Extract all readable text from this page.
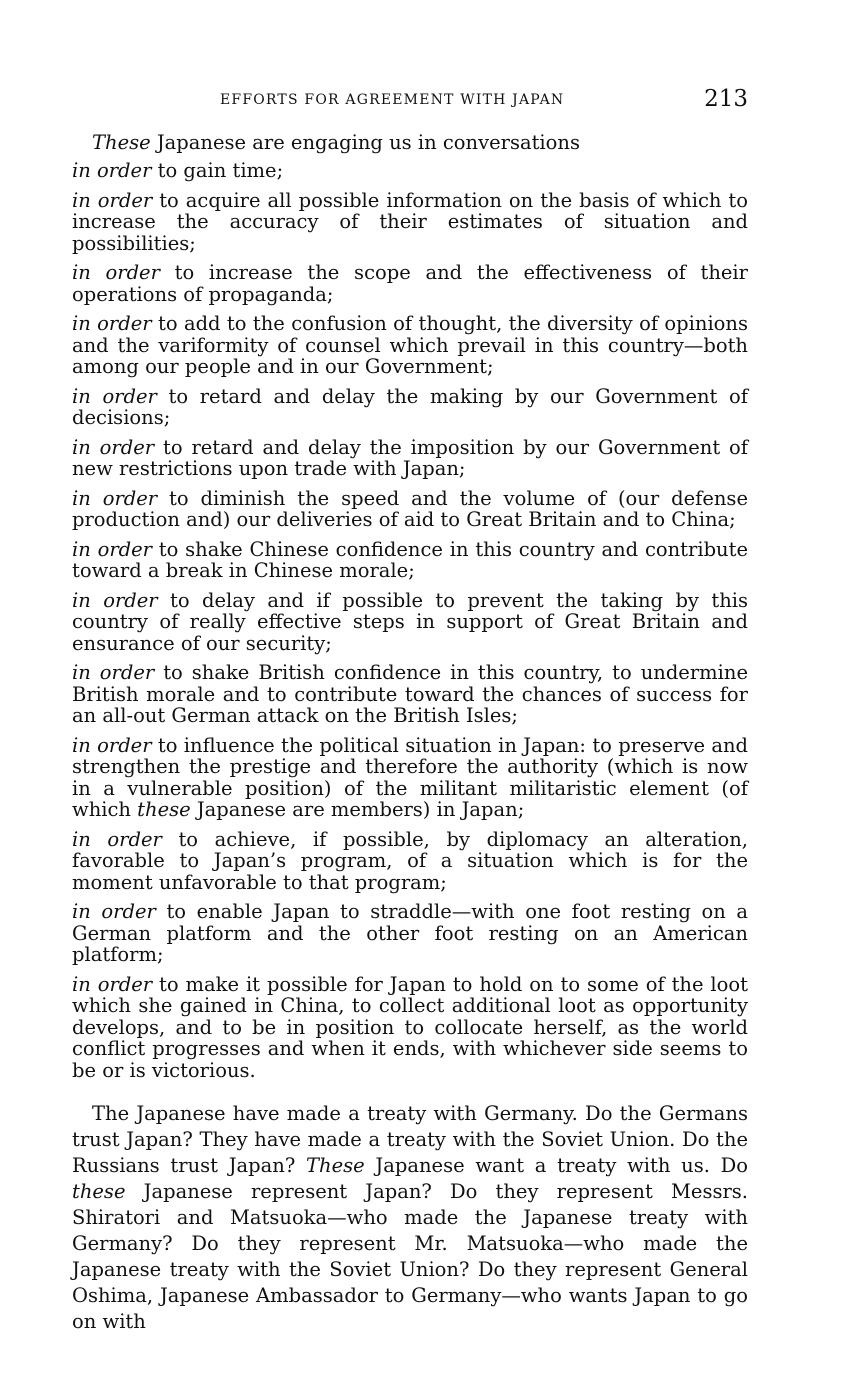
EFFORTS FOR AGREEMENT WITH JAPAN	213

These Japanese are engaging us in conversations

in order to gain time;
in order to acquire all possible information on the basis of which to increase the accuracy of their estimates of situation and possibilities;
in order to increase the scope and the effectiveness of their operations of propaganda;
in order to add to the confusion of thought, the diversity of opinions and the variformity of counsel which prevail in this country—both among our people and in our Government;
in order to retard and delay the making by our Government of decisions;
in order to retard and delay the imposition by our Government of new restrictions upon trade with Japan;
in order to diminish the speed and the volume of (our defense production and) our deliveries of aid to Great Britain and to China;
in order to shake Chinese confidence in this country and contribute toward a break in Chinese morale;
in order to delay and if possible to prevent the taking by this country of really effective steps in support of Great Britain and ensurance of our security;
in order to shake British confidence in this country, to undermine British morale and to contribute toward the chances of success for an all-out German attack on the British Isles;
in order to influence the political situation in Japan: to preserve and strengthen the prestige and therefore the authority (which is now in a vulnerable position) of the militant militaristic element (of which these Japanese are members) in Japan;
in order to achieve, if possible, by diplomacy an alteration, favorable to Japan’s program, of a situation which is for the moment unfavorable to that program;
in order to enable Japan to straddle—with one foot resting on a German platform and the other foot resting on an American platform;
in order to make it possible for Japan to hold on to some of the loot which she gained in China, to collect additional loot as opportunity develops, and to be in position to collocate herself, as the world conflict progresses and when it ends, with whichever side seems to be or is victorious.

The Japanese have made a treaty with Germany. Do the Germans trust Japan? They have made a treaty with the Soviet Union. Do the Russians trust Japan? These Japanese want a treaty with us. Do these Japanese represent Japan? Do they represent Messrs. Shiratori and Matsuoka—who made the Japanese treaty with Germany? Do they represent Mr. Matsuoka—who made the Japanese treaty with the Soviet Union? Do they represent General Oshima, Japanese Ambassador to Germany—who wants Japan to go on with
